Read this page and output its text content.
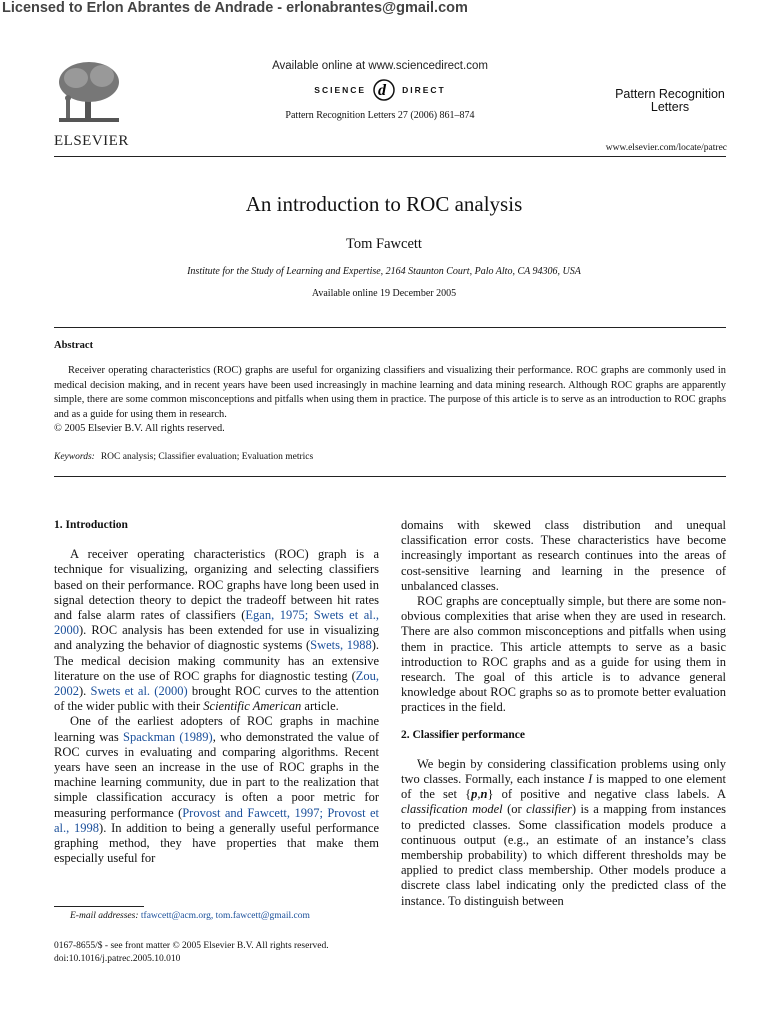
Licensed to Erlon Abrantes de Andrade - erlonabrantes@gmail.com
ELSEVIER
Available online at www.sciencedirect.com
SCIENCE d DIRECT
Pattern Recognition Letters 27 (2006) 861–874
Pattern Recognition
Letters
www.elsevier.com/locate/patrec
An introduction to ROC analysis
Tom Fawcett
Institute for the Study of Learning and Expertise, 2164 Staunton Court, Palo Alto, CA 94306, USA
Available online 19 December 2005
Abstract

Receiver operating characteristics (ROC) graphs are useful for organizing classifiers and visualizing their performance. ROC graphs are commonly used in medical decision making, and in recent years have been used increasingly in machine learning and data mining research. Although ROC graphs are apparently simple, there are some common misconceptions and pitfalls when using them in practice. The purpose of this article is to serve as an introduction to ROC graphs and as a guide for using them in research.

© 2005 Elsevier B.V. All rights reserved.

Keywords: ROC analysis; Classifier evaluation; Evaluation metrics
1. Introduction

A receiver operating characteristics (ROC) graph is a technique for visualizing, organizing and selecting classifiers based on their performance. ROC graphs have long been used in signal detection theory to depict the tradeoff between hit rates and false alarm rates of classifiers (Egan, 1975; Swets et al., 2000). ROC analysis has been extended for use in visualizing and analyzing the behavior of diagnostic systems (Swets, 1988). The medical decision making community has an extensive literature on the use of ROC graphs for diagnostic testing (Zou, 2002). Swets et al. (2000) brought ROC curves to the attention of the wider public with their Scientific American article.

One of the earliest adopters of ROC graphs in machine learning was Spackman (1989), who demonstrated the value of ROC curves in evaluating and comparing algorithms. Recent years have seen an increase in the use of ROC graphs in the machine learning community, due in part to the realization that simple classification accuracy is often a poor metric for measuring performance (Provost and Fawcett, 1997; Provost et al., 1998). In addition to being a generally useful performance graphing method, they have properties that make them especially useful for

domains with skewed class distribution and unequal classification error costs. These characteristics have become increasingly important as research continues into the areas of cost-sensitive learning and learning in the presence of unbalanced classes.

ROC graphs are conceptually simple, but there are some non-obvious complexities that arise when they are used in research. There are also common misconceptions and pitfalls when using them in practice. This article attempts to serve as a basic introduction to ROC graphs and as a guide for using them in research. The goal of this article is to advance general knowledge about ROC graphs so as to promote better evaluation practices in the field.

2. Classifier performance

We begin by considering classification problems using only two classes. Formally, each instance I is mapped to one element of the set {p,n} of positive and negative class labels. A classification model (or classifier) is a mapping from instances to predicted classes. Some classification models produce a continuous output (e.g., an estimate of an instance’s class membership probability) to which different thresholds may be applied to predict class membership. Other models produce a discrete class label indicating only the predicted class of the instance. To distinguish between

E-mail addresses: tfawcett@acm.org, tom.fawcett@gmail.com
0167-8655/$ - see front matter © 2005 Elsevier B.V. All rights reserved.
doi:10.1016/j.patrec.2005.10.010
